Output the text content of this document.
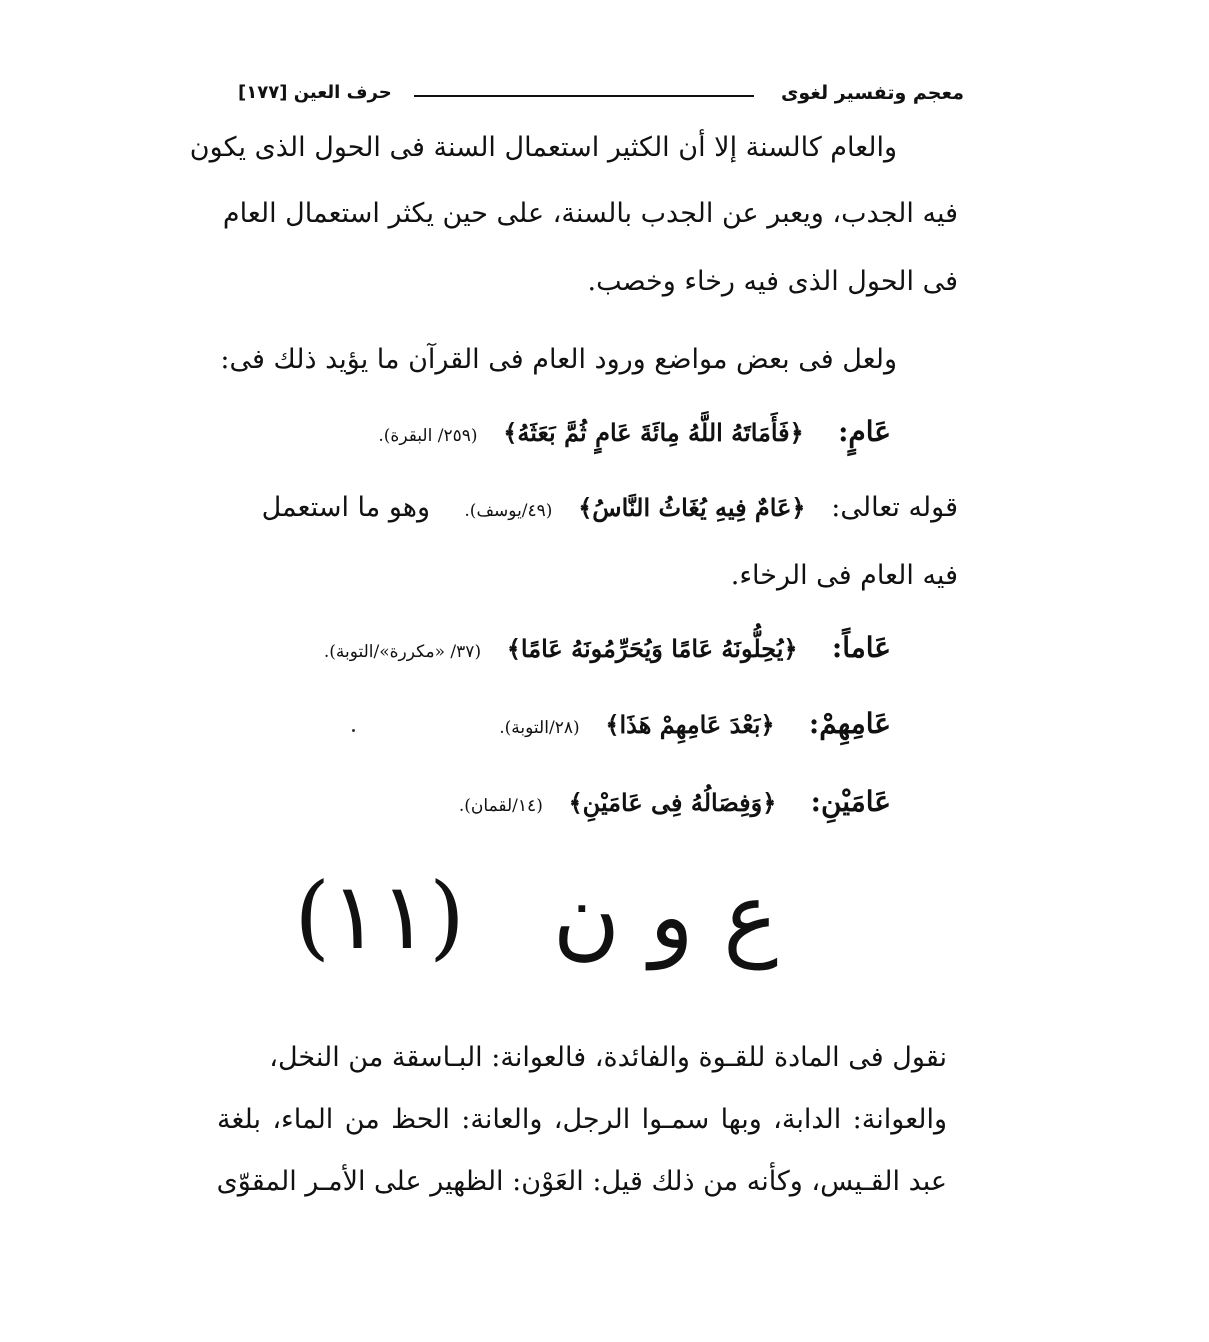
معجم وتفسير لغوى
حرف العين [١٧٧]
والعام كالسنة إلا أن الكثير استعمال السنة فى الحول الذى يكون
فيه الجدب، ويعبر عن الجدب بالسنة، على حين يكثر استعمال العام
فى الحول الذى فيه رخاء وخصب.
ولعل فى بعض مواضع ورود العام فى القرآن ما يؤيد ذلك فى:
عَامٍ:    ﴿فَأَمَاتَهُ اللَّهُ مِائَةَ عَامٍ ثُمَّ بَعَثَهُ﴾   (٢٥٩/ البقرة).
قوله تعالى:   ﴿عَامٌ فِيهِ يُغَاثُ النَّاسُ﴾   (٤٩/يوسف).    وهو ما استعمل
فيه العام فى الرخاء.
عَاماً:    ﴿يُحِلُّونَهُ عَامًا وَيُحَرِّمُونَهُ عَامًا﴾   (٣٧/ «مكررة»/التوبة).
عَامِهِمْ:    ﴿بَعْدَ عَامِهِمْ هَذَا﴾   (٢٨/التوبة).
عَامَيْنِ:    ﴿وَفِصَالُهُ فِى عَامَيْنِ﴾   (١٤/لقمان).
ع و ن   (١١)
نقول فى المادة للقـوة والفائدة، فالعوانة: البـاسقة من النخل،
والعوانة: الدابة، وبها سمـوا الرجل، والعانة: الحظ من الماء، بلغة
عبد القـيس، وكأنه من ذلك قيل: العَوْن: الظهير على الأمـر المقوّى
